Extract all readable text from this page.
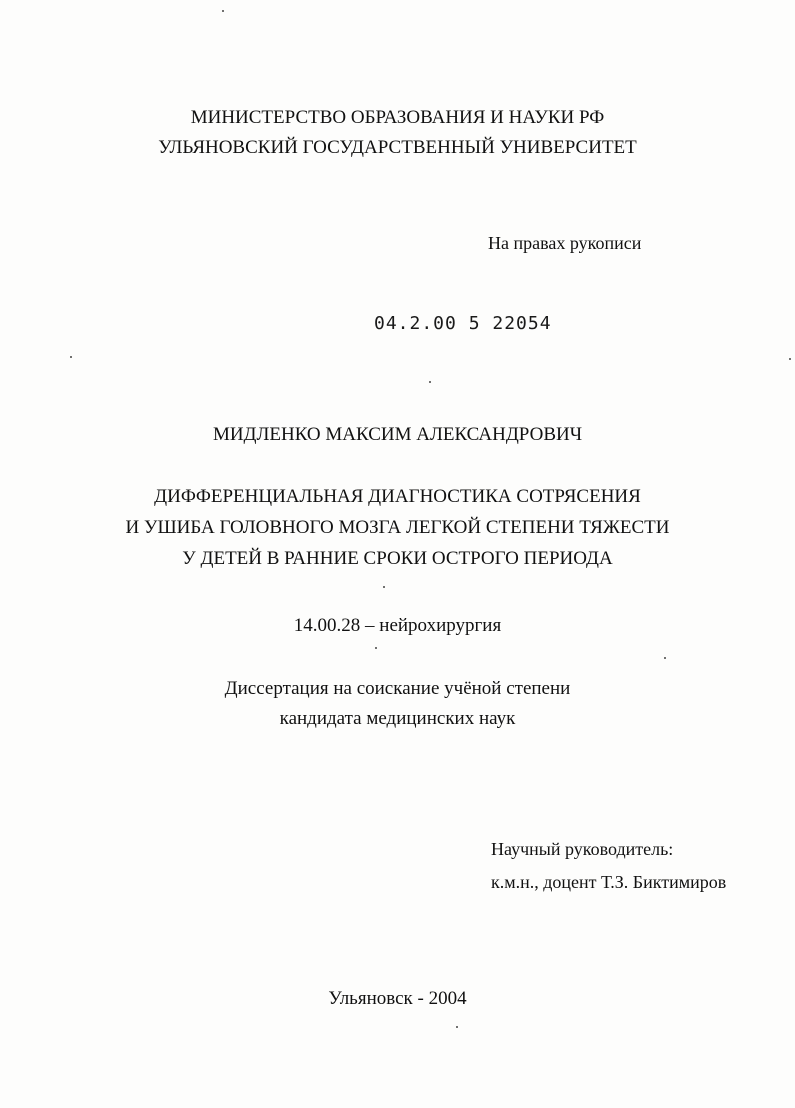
МИНИСТЕРСТВО ОБРАЗОВАНИЯ И НАУКИ РФ
УЛЬЯНОВСКИЙ ГОСУДАРСТВЕННЫЙ УНИВЕРСИТЕТ
На правах рукописи
04.2.00 5 22054
МИДЛЕНКО МАКСИМ АЛЕКСАНДРОВИЧ
ДИФФЕРЕНЦИАЛЬНАЯ ДИАГНОСТИКА СОТРЯСЕНИЯ
И УШИБА ГОЛОВНОГО МОЗГА ЛЕГКОЙ СТЕПЕНИ ТЯЖЕСТИ
У ДЕТЕЙ В РАННИЕ СРОКИ ОСТРОГО ПЕРИОДА
14.00.28 – нейрохирургия
Диссертация на соискание учёной степени
кандидата медицинских наук
Научный руководитель:
к.м.н., доцент Т.З. Биктимиров
Ульяновск - 2004
